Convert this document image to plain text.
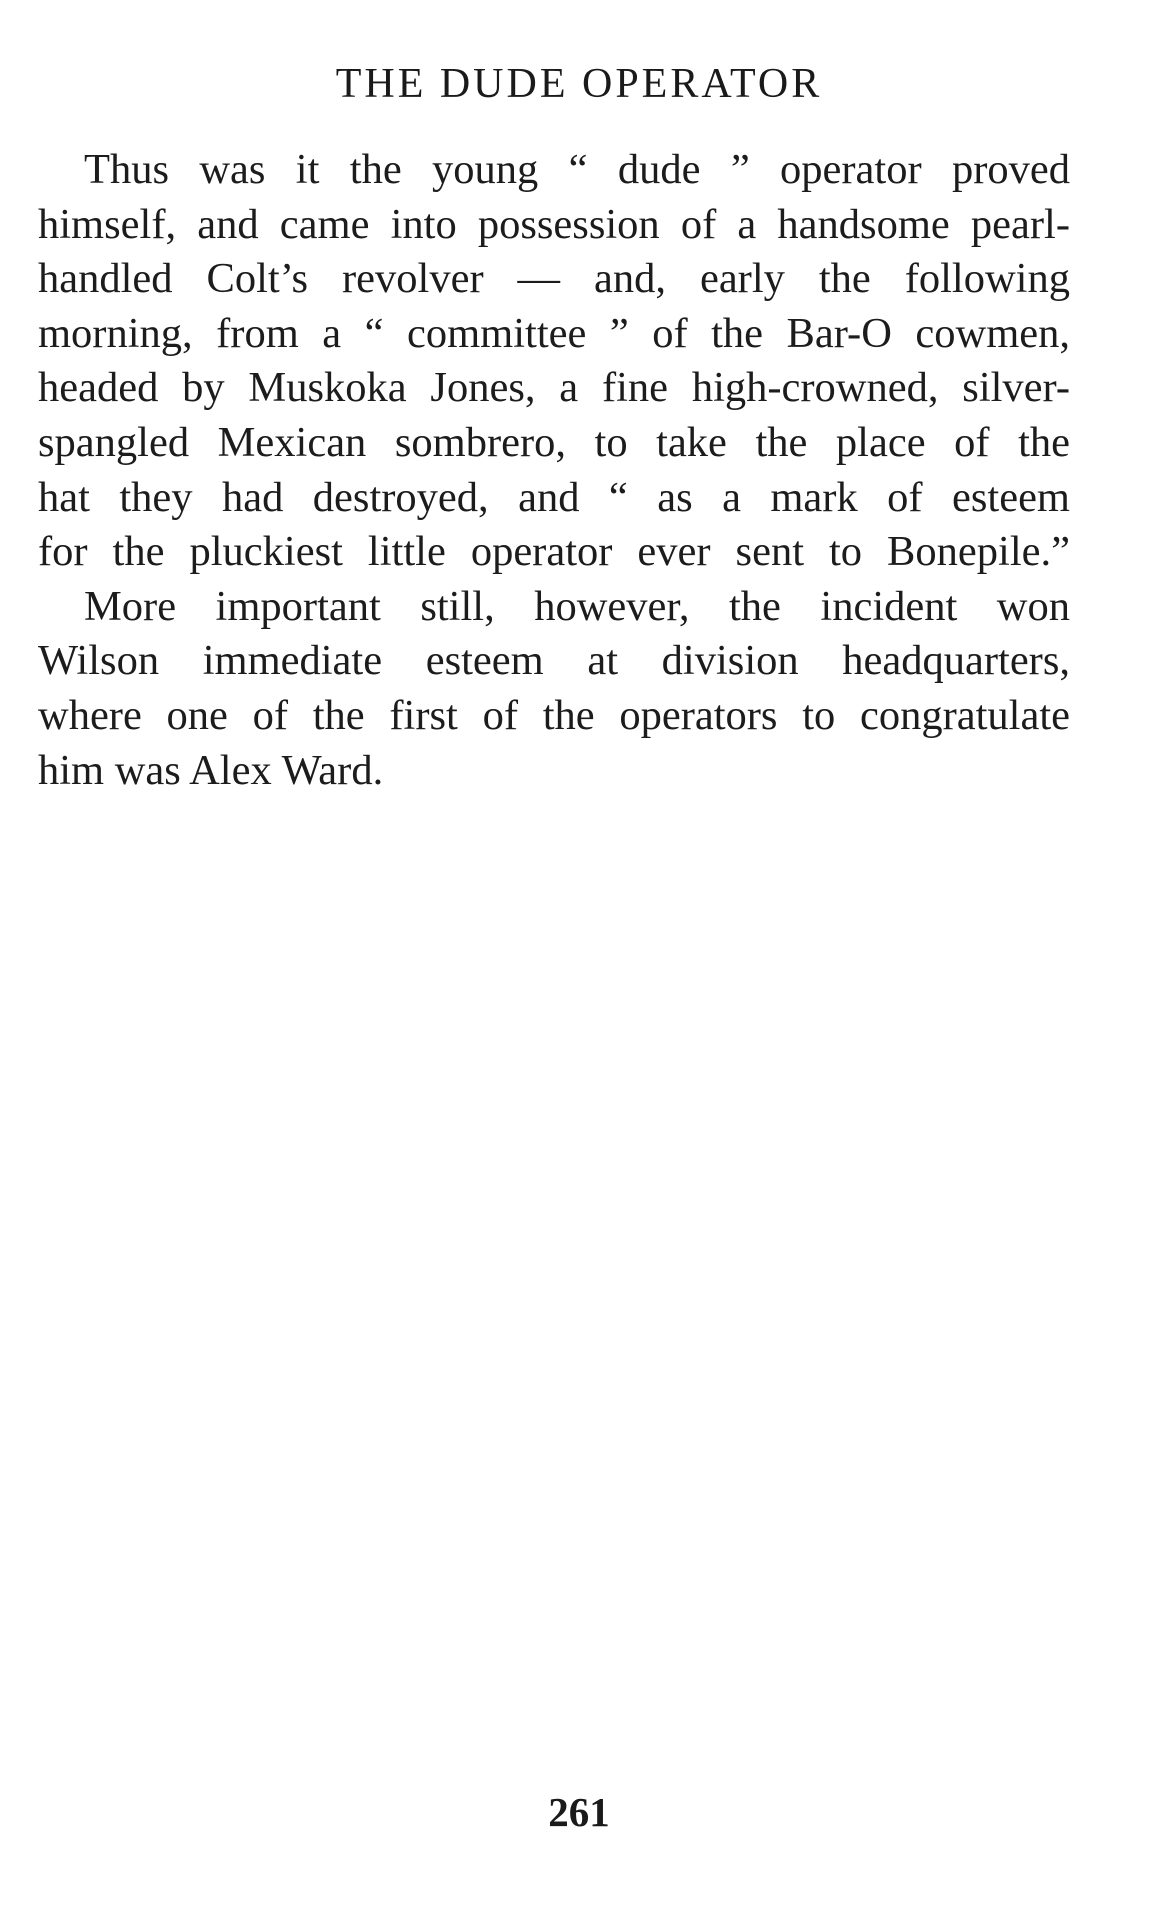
THE DUDE OPERATOR
Thus was it the young “ dude ” operator proved
himself, and came into possession of a handsome pearl-
handled Colt’s revolver — and, early the following
morning, from a “ committee ” of the Bar-O cowmen,
headed by Muskoka Jones, a fine high-crowned, silver-
spangled Mexican sombrero, to take the place of the
hat they had destroyed, and “ as a mark of esteem
for the pluckiest little operator ever sent to Bonepile.”
More important still, however, the incident won
Wilson immediate esteem at division headquarters,
where one of the first of the operators to congratulate
him was Alex Ward.
261
